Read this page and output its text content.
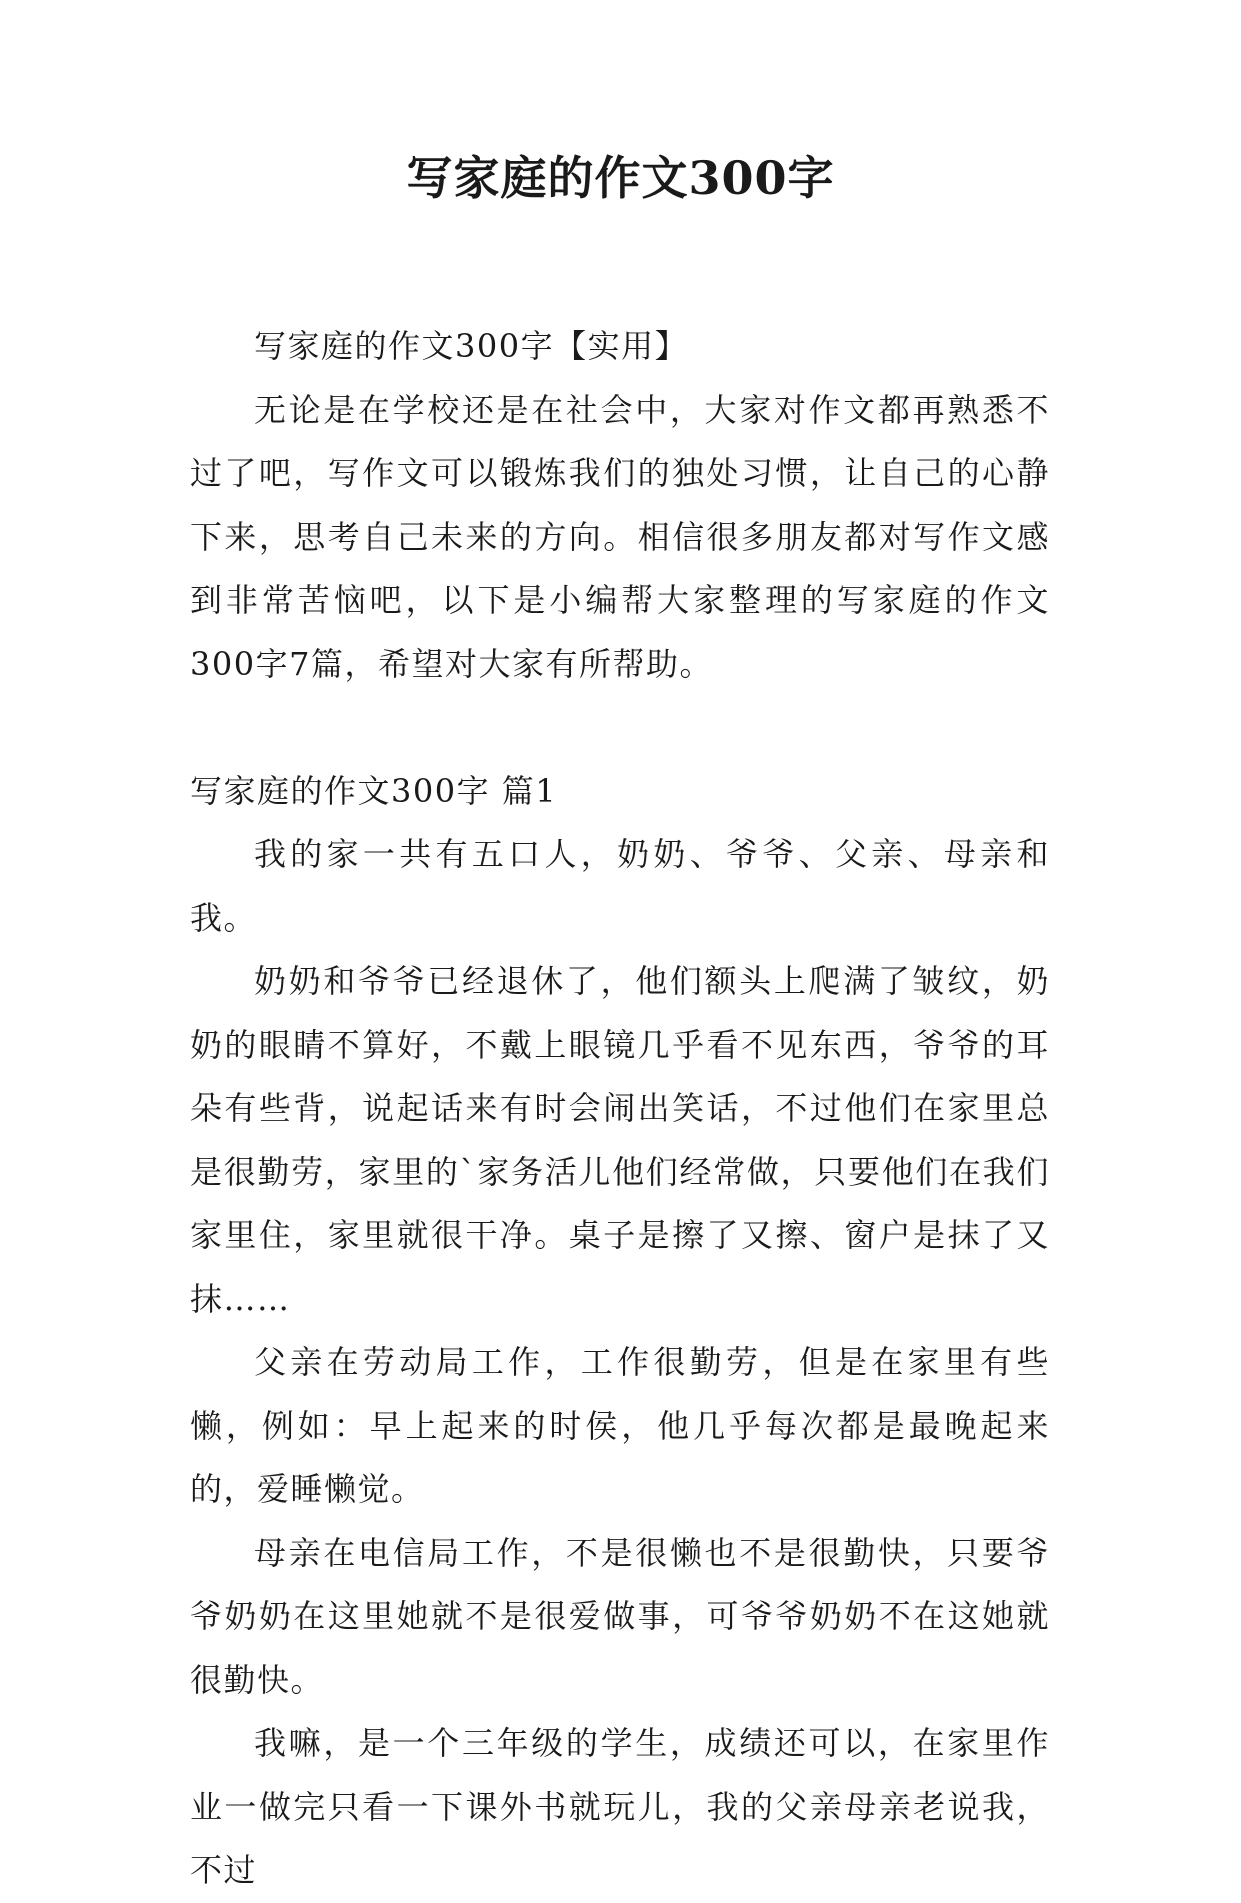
写家庭的作文300字

写家庭的作文300字【实用】

无论是在学校还是在社会中，大家对作文都再熟悉不过了吧，写作文可以锻炼我们的独处习惯，让自己的心静下来，思考自己未来的方向。相信很多朋友都对写作文感到非常苦恼吧，以下是小编帮大家整理的写家庭的作文300字7篇，希望对大家有所帮助。

写家庭的作文300字 篇1

我的家一共有五口人，奶奶、爷爷、父亲、母亲和我。

奶奶和爷爷已经退休了，他们额头上爬满了皱纹，奶奶的眼睛不算好，不戴上眼镜几乎看不见东西，爷爷的耳朵有些背，说起话来有时会闹出笑话，不过他们在家里总是很勤劳，家里的`家务活儿他们经常做，只要他们在我们家里住，家里就很干净。桌子是擦了又擦、窗户是抹了又抹……

父亲在劳动局工作，工作很勤劳，但是在家里有些懒，例如：早上起来的时侯，他几乎每次都是最晚起来的，爱睡懒觉。

母亲在电信局工作，不是很懒也不是很勤快，只要爷爷奶奶在这里她就不是很爱做事，可爷爷奶奶不在这她就很勤快。

我嘛，是一个三年级的学生，成绩还可以，在家里作业一做完只看一下课外书就玩儿，我的父亲母亲老说我，不过
